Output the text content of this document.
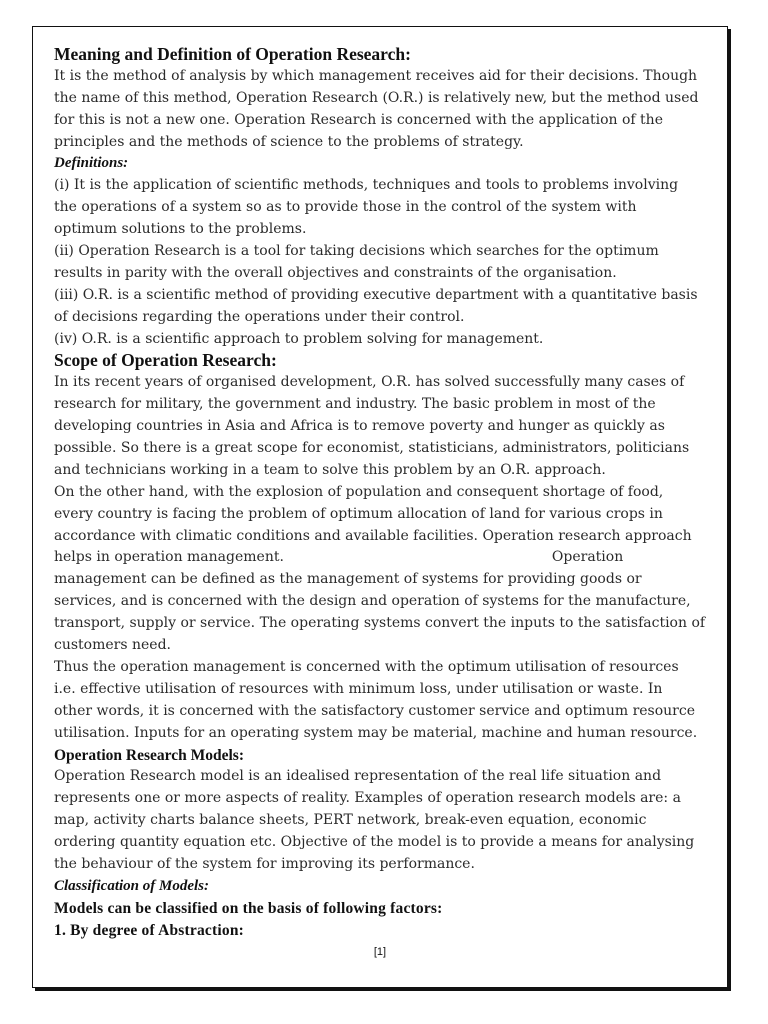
Meaning and Definition of Operation Research:
It is the method of analysis by which management receives aid for their decisions. Though
the name of this method, Operation Research (O.R.) is relatively new, but the method used
for this is not a new one. Operation Research is concerned with the application of the
principles and the methods of science to the problems of strategy.
Definitions:
(i) It is the application of scientific methods, techniques and tools to problems involving
the operations of a system so as to provide those in the control of the system with
optimum solutions to the problems.
(ii) Operation Research is a tool for taking decisions which searches for the optimum
results in parity with the overall objectives and constraints of the organisation.
(iii) O.R. is a scientific method of providing executive department with a quantitative basis
of decisions regarding the operations under their control.
(iv) O.R. is a scientific approach to problem solving for management.
Scope of Operation Research:
In its recent years of organised development, O.R. has solved successfully many cases of
research for military, the government and industry. The basic problem in most of the
developing countries in Asia and Africa is to remove poverty and hunger as quickly as
possible. So there is a great scope for economist, statisticians, administrators, politicians
and technicians working in a team to solve this problem by an O.R. approach.
On the other hand, with the explosion of population and consequent shortage of food,
every country is facing the problem of optimum allocation of land for various crops in
accordance with climatic conditions and available facilities. Operation research approach
helps in operation management.	Operation
management can be defined as the management of systems for providing goods or
services, and is concerned with the design and operation of systems for the manufacture,
transport, supply or service. The operating systems convert the inputs to the satisfaction of
customers need.
Thus the operation management is concerned with the optimum utilisation of resources
i.e. effective utilisation of resources with minimum loss, under utilisation or waste. In
other words, it is concerned with the satisfactory customer service and optimum resource
utilisation. Inputs for an operating system may be material, machine and human resource.
Operation Research Models:
Operation Research model is an idealised representation of the real life situation and
represents one or more aspects of reality. Examples of operation research models are: a
map, activity charts balance sheets, PERT network, break-even equation, economic
ordering quantity equation etc. Objective of the model is to provide a means for analysing
the behaviour of the system for improving its performance.
Classification of Models:
Models can be classified on the basis of following factors:
1. By degree of Abstraction:
[1]
